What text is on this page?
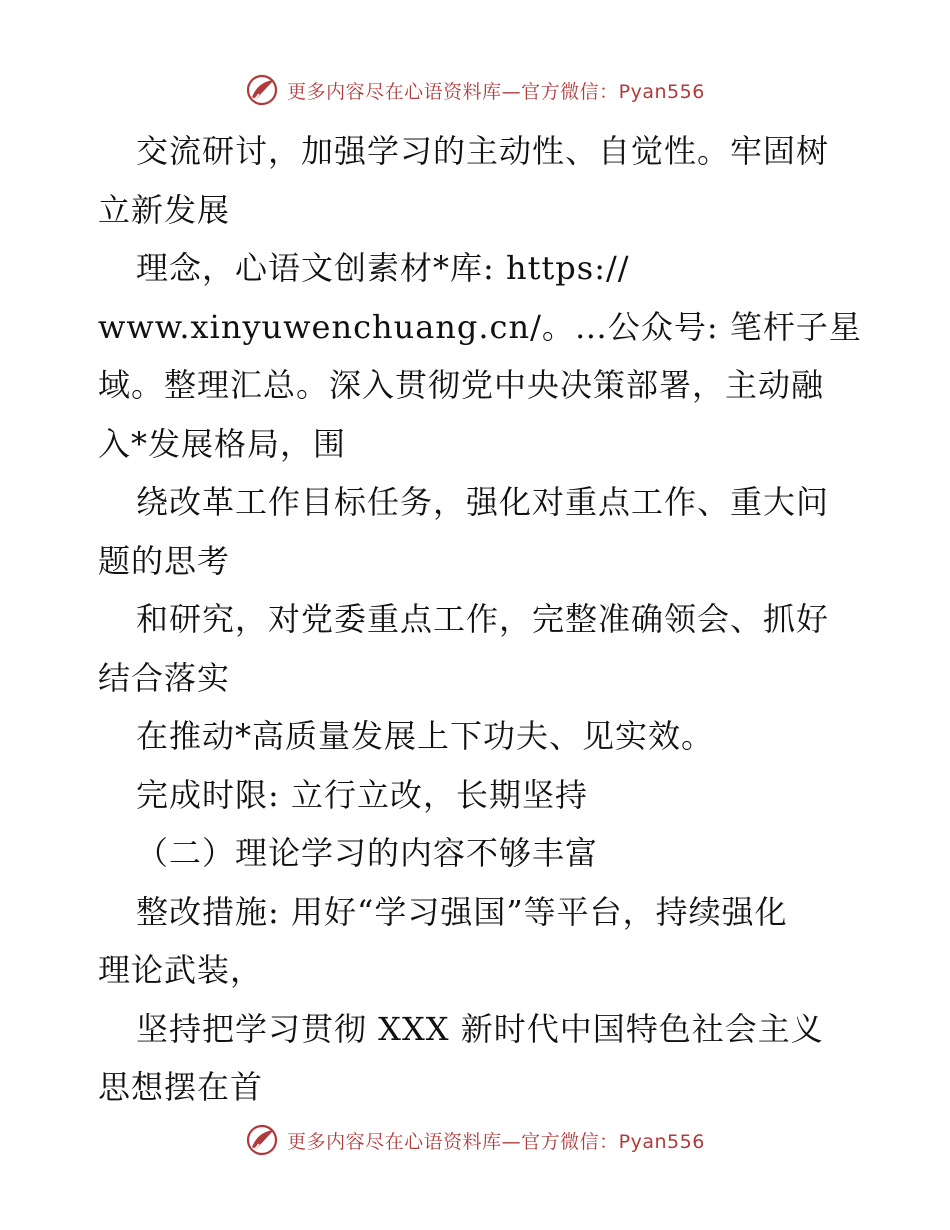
更多内容尽在心语资料库—官方微信：Pyan556
交流研讨，加强学习的主动性、自觉性。牢固树
立新发展
理念，心语文创素材*库: https://
www.xinyuwenchuang.cn/。…公众号: 笔杆子星
域。整理汇总。深入贯彻党中央决策部署，主动融
入*发展格局，围
绕改革工作目标任务，强化对重点工作、重大问
题的思考
和研究，对党委重点工作，完整准确领会、抓好
结合落实
在推动*高质量发展上下功夫、见实效。
完成时限: 立行立改，长期坚持
（二）理论学习的内容不够丰富
整改措施: 用好“学习强国”等平台，持续强化
理论武装，
坚持把学习贯彻 XXX 新时代中国特色社会主义
思想摆在首
更多内容尽在心语资料库—官方微信：Pyan556
